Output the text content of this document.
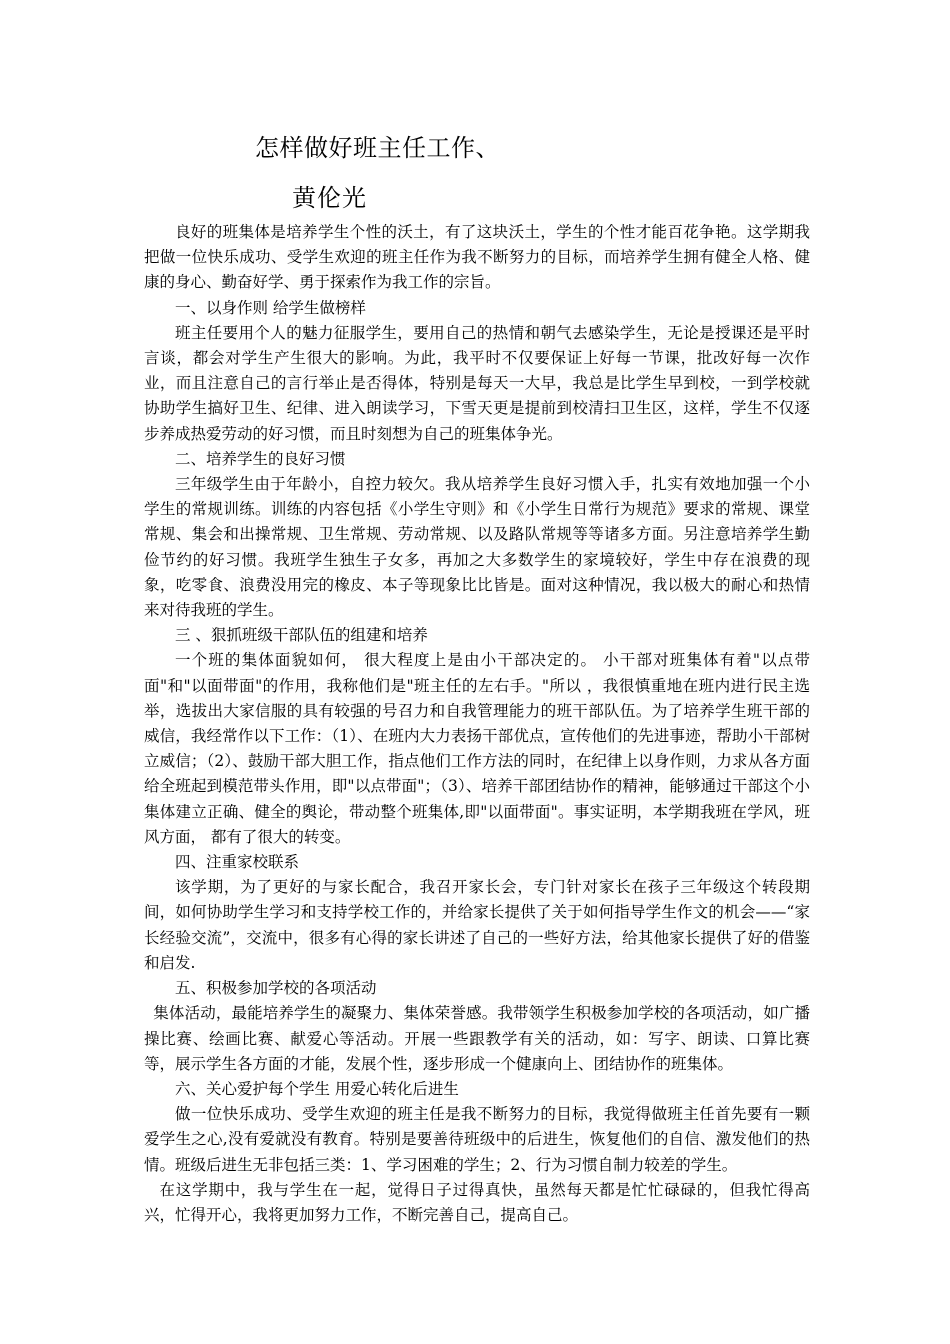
怎样做好班主任工作、
黄伦光

良好的班集体是培养学生个性的沃土，有了这块沃土，学生的个性才能百花争艳。这学期我把做一位快乐成功、受学生欢迎的班主任作为我不断努力的目标，而培养学生拥有健全人格、健康的身心、勤奋好学、勇于探索作为我工作的宗旨。

一、以身作则 给学生做榜样

班主任要用个人的魅力征服学生，要用自己的热情和朝气去感染学生，无论是授课还是平时言谈，都会对学生产生很大的影响。为此，我平时不仅要保证上好每一节课，批改好每一次作业，而且注意自己的言行举止是否得体，特别是每天一大早，我总是比学生早到校，一到学校就协助学生搞好卫生、纪律、进入朗读学习，下雪天更是提前到校清扫卫生区，这样，学生不仅逐步养成热爱劳动的好习惯，而且时刻想为自己的班集体争光。

二、培养学生的良好习惯

三年级学生由于年龄小，自控力较欠。我从培养学生良好习惯入手，扎实有效地加强一个小学生的常规训练。训练的内容包括《小学生守则》和《小学生日常行为规范》要求的常规、课堂常规、集会和出操常规、卫生常规、劳动常规、以及路队常规等等诸多方面。另注意培养学生勤俭节约的好习惯。我班学生独生子女多，再加之大多数学生的家境较好，学生中存在浪费的现象，吃零食、浪费没用完的橡皮、本子等现象比比皆是。面对这种情况，我以极大的耐心和热情来对待我班的学生。

三 、狠抓班级干部队伍的组建和培养

一个班的集体面貌如何， 很大程度上是由小干部决定的。 小干部对班集体有着"以点带面"和"以面带面"的作用，我称他们是"班主任的左右手。"所以 ，我很慎重地在班内进行民主选举，选拔出大家信服的具有较强的号召力和自我管理能力的班干部队伍。为了培养学生班干部的威信，我经常作以下工作：（1）、在班内大力表扬干部优点，宣传他们的先进事迹，帮助小干部树立威信；（2）、鼓励干部大胆工作，指点他们工作方法的同时，在纪律上以身作则，力求从各方面给全班起到模范带头作用，即"以点带面"；（3）、培养干部团结协作的精神，能够通过干部这个小集体建立正确、健全的舆论，带动整个班集体,即"以面带面"。事实证明，本学期我班在学风，班风方面， 都有了很大的转变。

四、注重家校联系

该学期，为了更好的与家长配合，我召开家长会，专门针对家长在孩子三年级这个转段期间，如何协助学生学习和支持学校工作的，并给家长提供了关于如何指导学生作文的机会——“家长经验交流”，交流中，很多有心得的家长讲述了自己的一些好方法，给其他家长提供了好的借鉴和启发.

五、积极参加学校的各项活动

集体活动，最能培养学生的凝聚力、集体荣誉感。我带领学生积极参加学校的各项活动，如广播操比赛、绘画比赛、献爱心等活动。开展一些跟教学有关的活动，如：写字、朗读、口算比赛等，展示学生各方面的才能，发展个性，逐步形成一个健康向上、团结协作的班集体。

六、关心爱护每个学生 用爱心转化后进生

做一位快乐成功、受学生欢迎的班主任是我不断努力的目标，我觉得做班主任首先要有一颗爱学生之心,没有爱就没有教育。特别是要善待班级中的后进生，恢复他们的自信、激发他们的热情。班级后进生无非包括三类：1、学习困难的学生；2、行为习惯自制力较差的学生。

在这学期中，我与学生在一起，觉得日子过得真快，虽然每天都是忙忙碌碌的，但我忙得高兴，忙得开心，我将更加努力工作，不断完善自己，提高自己。
